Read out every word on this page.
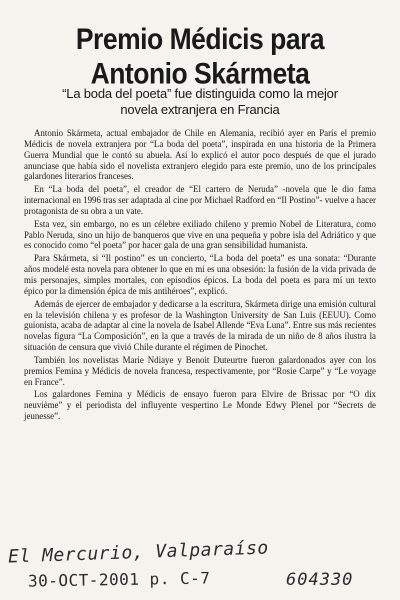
Premio Médicis para
Antonio Skármeta
“La boda del poeta” fue distinguida como la mejor
novela extranjera en Francia

Antonio Skármeta, actual embajador de Chile en Alemania, recibió ayer en París el premio Médicis de novela extranjera por “La boda del poeta”, inspirada en una historia de la Primera Guerra Mundial que le contó su abuela. Así lo explicó el autor poco después de que el jurado anunciase que había sido el novelista extranjero elegido para este premio, uno de los principales galardones literarios franceses.

En “La boda del poeta”, el creador de “El cartero de Neruda” -novela que le dio fama internacional en 1996 tras ser adaptada al cine por Michael Radford en “Il Postino”- vuelve a hacer protagonista de su obra a un vate.

Esta vez, sin embargo, no es un célebre exiliado chileno y premio Nobel de Literatura, como Pablo Neruda, sino un hijo de banqueros que vive en una pequeña y pobre isla del Adriático y que es conocido como “el poeta” por hacer gala de una gran sensibilidad humanista.

Para Skármeta, si “Il postino” es un concierto, “La boda del poeta” es una sonata: “Durante años modelé esta novela para obtener lo que en mí es una obsesión: la fusión de la vida privada de mis personajes, simples mortales, con episodios épicos. La boda del poeta es para mí un texto épico por la dimensión épica de mis antihéroes”, explicó.

Además de ejercer de embajador y dedicarse a la escritura, Skármeta dirige una emisión cultural en la televisión chilena y es profesor de la Washington University de San Luis (EEUU). Como guionista, acaba de adaptar al cine la novela de Isabel Allende “Eva Luna”. Entre sus más recientes novelas figura “La Composición”, en la que a través de la mirada de un niño de 8 años ilustra la situación de censura que vivió Chile durante el régimen de Pinochet.

También los novelistas Marie Ndiaye y Benoit Duteurtre fueron galardonados ayer con los premios Femina y Médicis de novela francesa, respectivamente, por “Rosie Carpe” y “Le voyage en France”.

Los galardones Femina y Médicis de ensayo fueron para Elvire de Brissac por “O dix neuvième” y el periodista del influyente vespertino Le Monde Edwy Plenel por “Secrets de jeunesse”.

El Mercurio, Valparaíso
30-OCT-2001 p. C-7	604330
